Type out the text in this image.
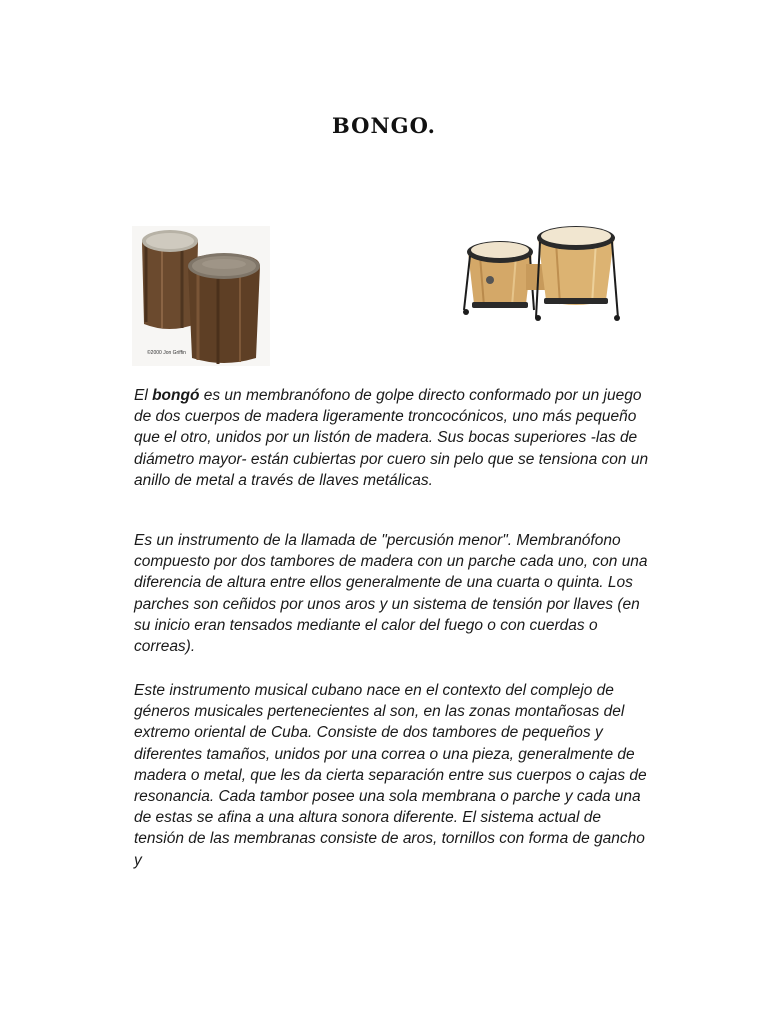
BONGO.
©2000 Jon Griffin
El bongó es un membranófono de golpe directo conformado por un juego de dos cuerpos de madera ligeramente troncocónicos, uno más pequeño que el otro, unidos por un listón de madera. Sus bocas superiores -las de diámetro mayor- están cubiertas por cuero sin pelo que se tensiona con un anillo de metal a través de llaves metálicas.
Es un instrumento de la llamada de "percusión menor". Membranófono compuesto por dos tambores de madera con un parche cada uno, con una diferencia de altura entre ellos generalmente de una cuarta o quinta. Los parches son ceñidos por unos aros y un sistema de tensión por llaves (en su inicio eran tensados mediante el calor del fuego o con cuerdas o correas).
Este instrumento musical cubano nace en el contexto del complejo de géneros musicales pertenecientes al son, en las zonas montañosas del extremo oriental de Cuba. Consiste de dos tambores de pequeños y diferentes tamaños, unidos por una correa o una pieza, generalmente de madera o metal, que les da cierta separación entre sus cuerpos o cajas de resonancia. Cada tambor posee una sola membrana o parche y cada una de estas se afina a una altura sonora diferente. El sistema actual de tensión de las membranas consiste de aros, tornillos con forma de gancho y
